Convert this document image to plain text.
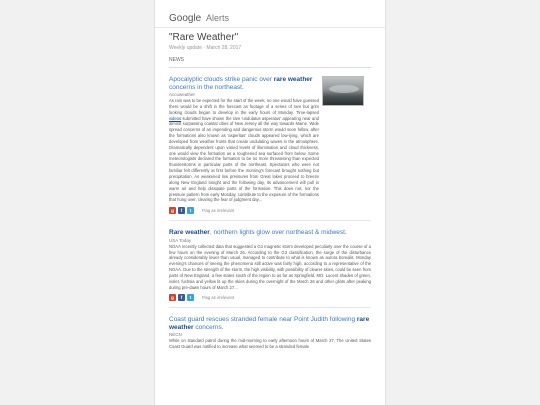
Google Alerts
"Rare Weather"
Weekly update · March 28, 2017
NEWS
Apocalyptic clouds strike panic over rare weather concerns in the northeast.
Accuweather
As rain was to be expected for the start of the week, no one would have guessed there would be a shift in the forecast as footage of a series of rare but grim looking clouds began to develop in the early hours of Monday. Time-lapsed videos submitted have shown the rare 'undulatus asperatus' appearing near and almost surpassing coastal cities of New Jersey all the way towards Maine. Wide spread concerns of an impending and dangerous storm would soon follow, after the formations also known as 'asperitas' clouds appeared low-lying, which are developed from weather fronts that create undulating waves in the atmosphere. Dramatically dependent upon varied levels of illumination and cloud thickness, one would view the formation as a roughened sea surfaced from below. Some meteorologists declared the formation to be no more threatening than expected thunderstorms in particular parts of the northeast. Spectators who were not familiar felt differently at first before the morning's forecast brought nothing but precipitation. As weakened low pressures from Great lakes proceed to breeze along New England tonight and the following day, its advancement will pull in warm air and help dissipate parts of the formation. This does not, nor the pressure pattern from early Monday, contribute to the exposure of the formations that hung over, clearing the fear of judgment day...
g	f	t	Flag as irrelevant
Rare weather, northern lights glow over northeast & midwest.
USA Today
NOAA recently collected data that suggested a G3 magnetic storm developed peculiarly over the course of a few hours on the evening of March 26. According to the G3 classification, the surge of the disturbance already considerably lower than usual, managed to contribute to what is known as aurora borealis. Monday evening's chances of seeing the phenomena still active was fairly high, according to a representative of the NOAA. Due to the strength of the storm, the high visibility, with possibility of clearer skies, could be seen from parts of New England, a few states south of the region to as far as Springfield, MO. Lucent shades of green, violet, fuchsia and yellow lit up the skies during the overnight of the March 26 and other glints after peaking during pre-dawn hours of March 27...
g	f	t	Flag as irrelevant
Coast guard rescues stranded female near Point Judith following rare weather concerns.
NECN
While on standard patrol during the mid-morning to early afternoon hours of March 27, The United States Coast Guard was notified to increase what seemed to be a stranded female
